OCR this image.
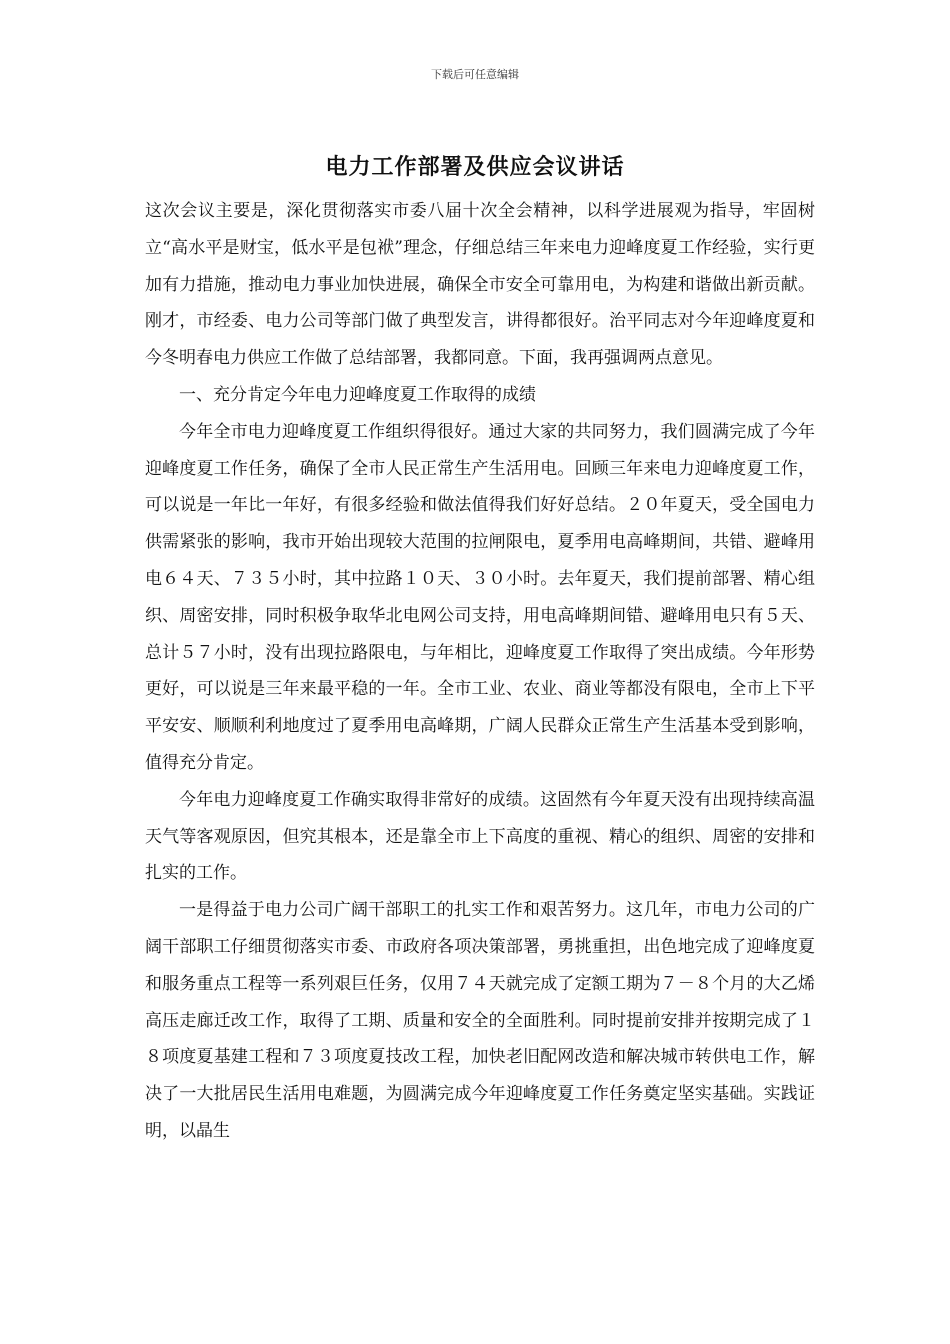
下载后可任意编辑
电力工作部署及供应会议讲话

这次会议主要是，深化贯彻落实市委八届十次全会精神，以科学进展观为指导，牢固树立“高水平是财宝，低水平是包袱”理念，仔细总结三年来电力迎峰度夏工作经验，实行更加有力措施，推动电力事业加快进展，确保全市安全可靠用电，为构建和谐做出新贡献。刚才，市经委、电力公司等部门做了典型发言，讲得都很好。治平同志对今年迎峰度夏和今冬明春电力供应工作做了总结部署，我都同意。下面，我再强调两点意见。

一、充分肯定今年电力迎峰度夏工作取得的成绩

今年全市电力迎峰度夏工作组织得很好。通过大家的共同努力，我们圆满完成了今年迎峰度夏工作任务，确保了全市人民正常生产生活用电。回顾三年来电力迎峰度夏工作，可以说是一年比一年好，有很多经验和做法值得我们好好总结。２０年夏天，受全国电力供需紧张的影响，我市开始出现较大范围的拉闸限电，夏季用电高峰期间，共错、避峰用电６４天、７３５小时，其中拉路１０天、３０小时。去年夏天，我们提前部署、精心组织、周密安排，同时积极争取华北电网公司支持，用电高峰期间错、避峰用电只有５天、总计５７小时，没有出现拉路限电，与年相比，迎峰度夏工作取得了突出成绩。今年形势更好，可以说是三年来最平稳的一年。全市工业、农业、商业等都没有限电，全市上下平平安安、顺顺利利地度过了夏季用电高峰期，广阔人民群众正常生产生活基本受到影响，值得充分肯定。

今年电力迎峰度夏工作确实取得非常好的成绩。这固然有今年夏天没有出现持续高温天气等客观原因，但究其根本，还是靠全市上下高度的重视、精心的组织、周密的安排和扎实的工作。

一是得益于电力公司广阔干部职工的扎实工作和艰苦努力。这几年，市电力公司的广阔干部职工仔细贯彻落实市委、市政府各项决策部署，勇挑重担，出色地完成了迎峰度夏和服务重点工程等一系列艰巨任务，仅用７４天就完成了定额工期为７－８个月的大乙烯高压走廊迁改工作，取得了工期、质量和安全的全面胜利。同时提前安排并按期完成了１８项度夏基建工程和７３项度夏技改工程，加快老旧配网改造和解决城市转供电工作，解决了一大批居民生活用电难题，为圆满完成今年迎峰度夏工作任务奠定坚实基础。实践证明，以晶生
